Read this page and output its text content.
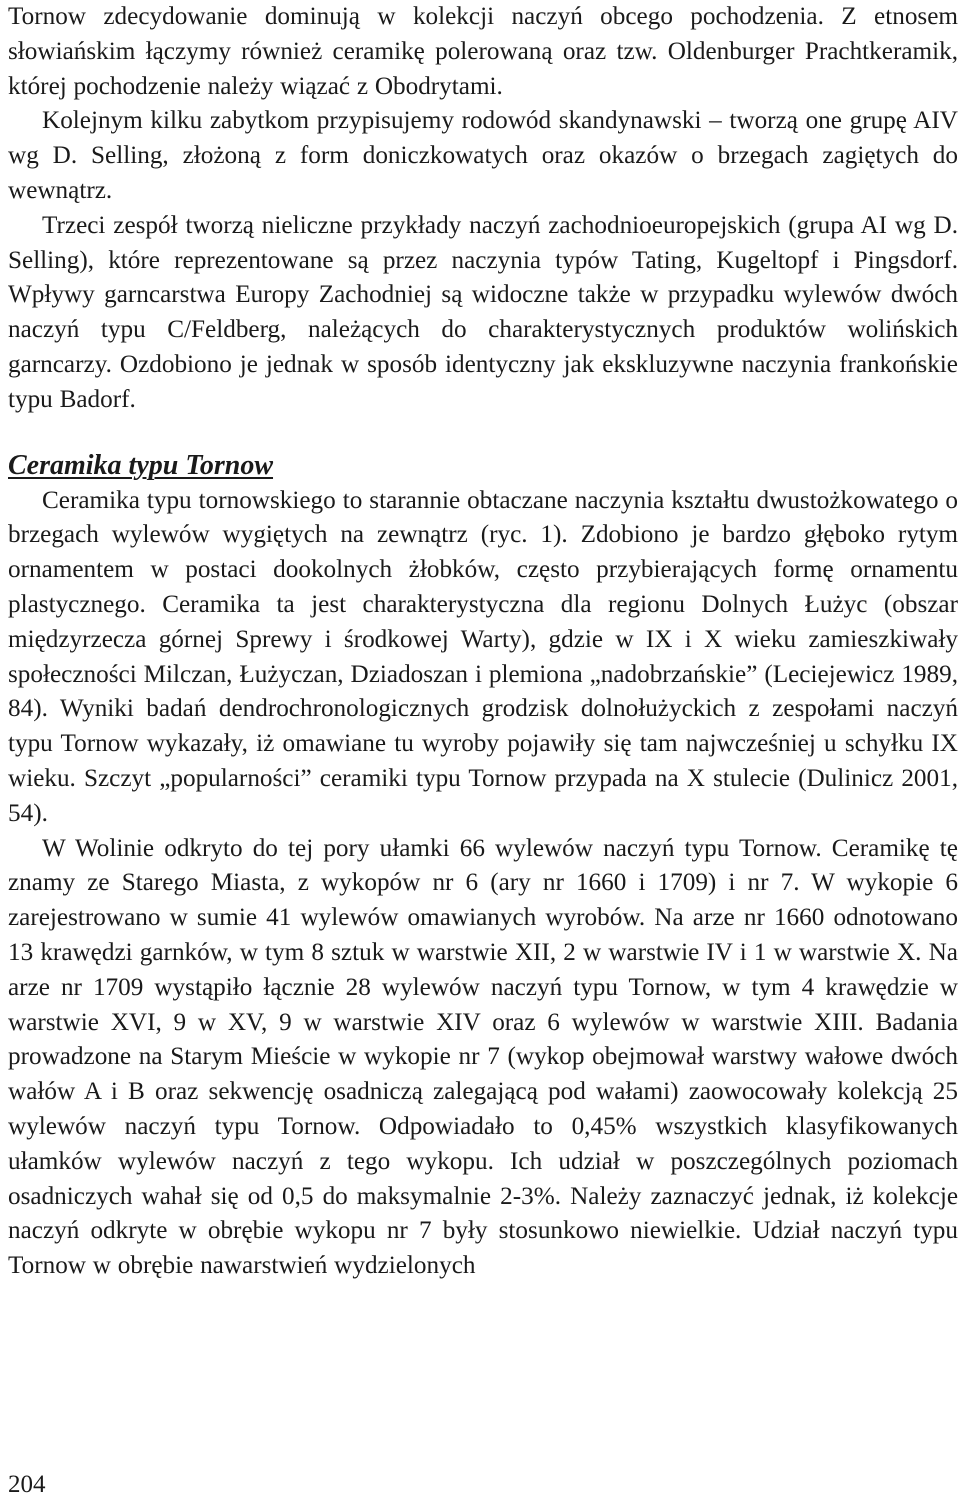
Tornow zdecydowanie dominują w kolekcji naczyń obcego pochodzenia. Z etnosem słowiańskim łączymy również ceramikę polerowaną oraz tzw. Oldenburger Prachtkeramik, której pochodzenie należy wiązać z Obodrytami.

Kolejnym kilku zabytkom przypisujemy rodowód skandynawski – tworzą one grupę AIV wg D. Selling, złożoną z form doniczkowatych oraz okazów o brzegach zagiętych do wewnątrz.

Trzeci zespół tworzą nieliczne przykłady naczyń zachodnioeuropejskich (grupa AI wg D. Selling), które reprezentowane są przez naczynia typów Tating, Kugeltopf i Pingsdorf. Wpływy garncarstwa Europy Zachodniej są widoczne także w przypadku wylewów dwóch naczyń typu C/Feldberg, należących do charakterystycznych produktów wolińskich garncarzy. Ozdobiono je jednak w sposób identyczny jak ekskluzywne naczynia frankońskie typu Badorf.

Ceramika typu Tornow

Ceramika typu tornowskiego to starannie obtaczane naczynia kształtu dwustożkowatego o brzegach wylewów wygiętych na zewnątrz (ryc. 1). Zdobiono je bardzo głęboko rytym ornamentem w postaci dookolnych żłobków, często przybierających formę ornamentu plastycznego. Ceramika ta jest charakterystyczna dla regionu Dolnych Łużyc (obszar międzyrzecza górnej Sprewy i środkowej Warty), gdzie w IX i X wieku zamieszkiwały społeczności Milczan, Łużyczan, Dziadoszan i plemiona „nadobrzańskie” (Leciejewicz 1989, 84). Wyniki badań dendrochronologicznych grodzisk dolnołużyckich z zespołami naczyń typu Tornow wykazały, iż omawiane tu wyroby pojawiły się tam najwcześniej u schyłku IX wieku. Szczyt „popularności” ceramiki typu Tornow przypada na X stulecie (Dulinicz 2001, 54).

W Wolinie odkryto do tej pory ułamki 66 wylewów naczyń typu Tornow. Ceramikę tę znamy ze Starego Miasta, z wykopów nr 6 (ary nr 1660 i 1709) i nr 7. W wykopie 6 zarejestrowano w sumie 41 wylewów omawianych wyrobów. Na arze nr 1660 odnotowano 13 krawędzi garnków, w tym 8 sztuk w warstwie XII, 2 w warstwie IV i 1 w warstwie X. Na arze nr 1709 wystąpiło łącznie 28 wylewów naczyń typu Tornow, w tym 4 krawędzie w warstwie XVI, 9 w XV, 9 w warstwie XIV oraz 6 wylewów w warstwie XIII. Badania prowadzone na Starym Mieście w wykopie nr 7 (wykop obejmował warstwy wałowe dwóch wałów A i B oraz sekwencję osadniczą zalegającą pod wałami) zaowocowały kolekcją 25 wylewów naczyń typu Tornow. Odpowiadało to 0,45% wszystkich klasyfikowanych ułamków wylewów naczyń z tego wykopu. Ich udział w poszczególnych poziomach osadniczych wahał się od 0,5 do maksymalnie 2-3%. Należy zaznaczyć jednak, iż kolekcje naczyń odkryte w obrębie wykopu nr 7 były stosunkowo niewielkie. Udział naczyń typu Tornow w obrębie nawarstwień wydzielonych

204
